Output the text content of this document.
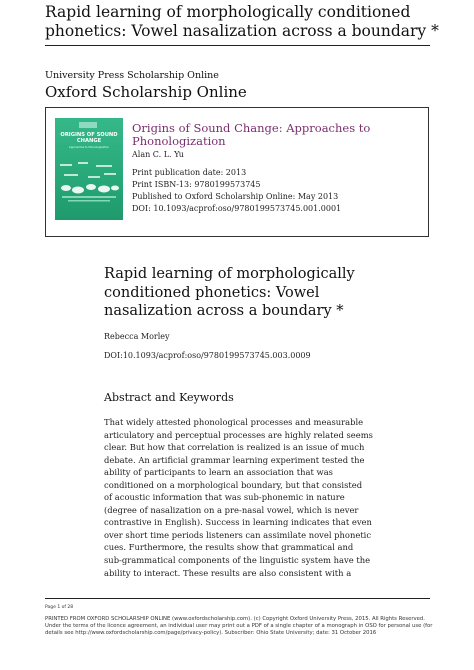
Rapid learning of morphologically conditioned phonetics: Vowel nasalization across a boundary *
University Press Scholarship Online
Oxford Scholarship Online
ORIGINS OF SOUND CHANGE
Approaches to Phonologization
Origins of Sound Change: Approaches to Phonologization
Alan C. L. Yu
Print publication date: 2013
Print ISBN-13: 9780199573745
Published to Oxford Scholarship Online: May 2013
DOI: 10.1093/acprof:oso/9780199573745.001.0001
Rapid learning of morphologically conditioned phonetics: Vowel nasalization across a boundary *
Rebecca Morley
DOI:10.1093/acprof:oso/9780199573745.003.0009
Abstract and Keywords
That widely attested phonological processes and measurable
articulatory and perceptual processes are highly related seems
clear. But how that correlation is realized is an issue of much
debate. An artificial grammar learning experiment tested the
ability of participants to learn an association that was
conditioned on a morphological boundary, but that consisted
of acoustic information that was sub-phonemic in nature
(degree of nasalization on a pre-nasal vowel, which is never
contrastive in English). Success in learning indicates that even
over short time periods listeners can assimilate novel phonetic
cues. Furthermore, the results show that grammatical and
sub-grammatical components of the linguistic system have the
ability to interact. These results are also consistent with a
Page 1 of 28
PRINTED FROM OXFORD SCHOLARSHIP ONLINE (www.oxfordscholarship.com). (c) Copyright Oxford University Press, 2015. All Rights Reserved. Under the terms of the licence agreement, an individual user may print out a PDF of a single chapter of a monograph in OSO for personal use (for details see http://www.oxfordscholarship.com/page/privacy-policy). Subscriber: Ohio State University; date: 31 October 2016
